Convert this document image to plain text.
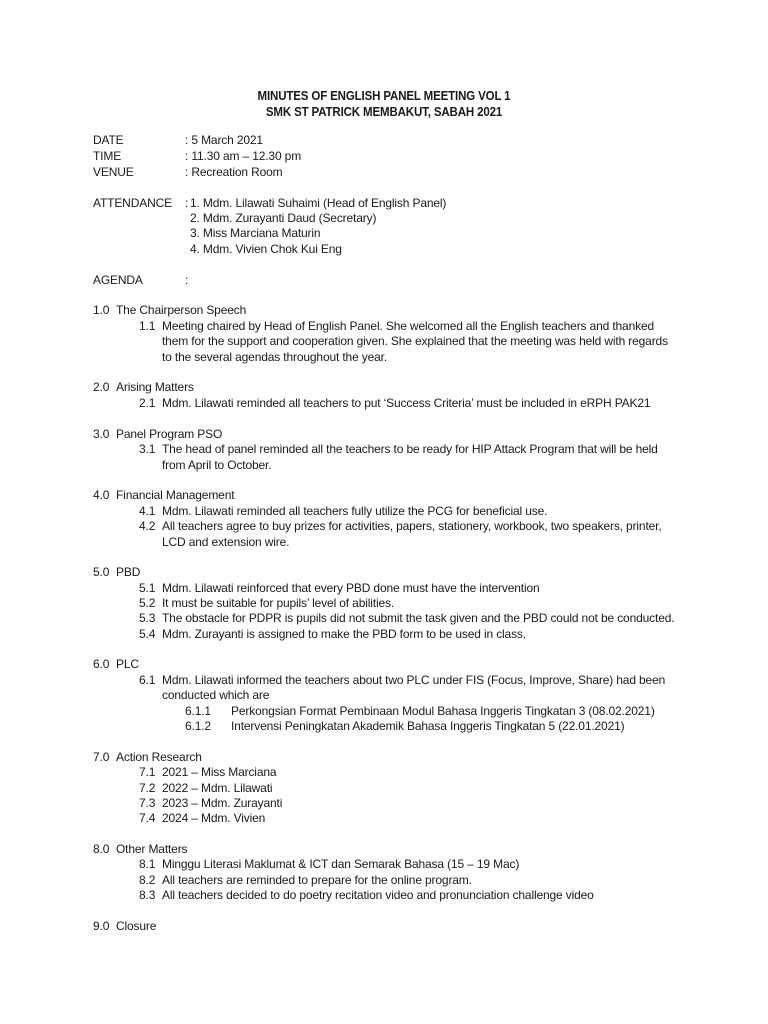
MINUTES OF ENGLISH PANEL MEETING VOL 1
SMK ST PATRICK MEMBAKUT, SABAH 2021
DATE	: 5 March 2021
TIME	: 11.30 am – 12.30 pm
VENUE	: Recreation Room
ATTENDANCE : 1. Mdm. Lilawati Suhaimi (Head of English Panel)
2. Mdm. Zurayanti Daud (Secretary)
3. Miss Marciana Maturin
4. Mdm. Vivien Chok Kui Eng
AGENDA	:
1.0 The Chairperson Speech
1.1 Meeting chaired by Head of English Panel. She welcomed all the English teachers and thanked
them for the support and cooperation given. She explained that the meeting was held with regards
to the several agendas throughout the year.
2.0 Arising Matters
2.1 Mdm. Lilawati reminded all teachers to put ‘Success Criteria’ must be included in eRPH PAK21
3.0 Panel Program PSO
3.1 The head of panel reminded all the teachers to be ready for HIP Attack Program that will be held
from April to October.
4.0 Financial Management
4.1 Mdm. Lilawati reminded all teachers fully utilize the PCG for beneficial use.
4.2 All teachers agree to buy prizes for activities, papers, stationery, workbook, two speakers, printer,
LCD and extension wire.
5.0 PBD
5.1 Mdm. Lilawati reinforced that every PBD done must have the intervention
5.2 It must be suitable for pupils’ level of abilities.
5.3 The obstacle for PDPR is pupils did not submit the task given and the PBD could not be conducted.
5.4 Mdm. Zurayanti is assigned to make the PBD form to be used in class.
6.0 PLC
6.1 Mdm. Lilawati informed the teachers about two PLC under FIS (Focus, Improve, Share) had been
conducted which are
6.1.1 Perkongsian Format Pembinaan Modul Bahasa Inggeris Tingkatan 3 (08.02.2021)
6.1.2 Intervensi Peningkatan Akademik Bahasa Inggeris Tingkatan 5 (22.01.2021)
7.0 Action Research
7.1 2021 – Miss Marciana
7.2 2022 – Mdm. Lilawati
7.3 2023 – Mdm. Zurayanti
7.4 2024 – Mdm. Vivien
8.0 Other Matters
8.1 Minggu Literasi Maklumat & ICT dan Semarak Bahasa (15 – 19 Mac)
8.2 All teachers are reminded to prepare for the online program.
8.3 All teachers decided to do poetry recitation video and pronunciation challenge video
9.0 Closure
